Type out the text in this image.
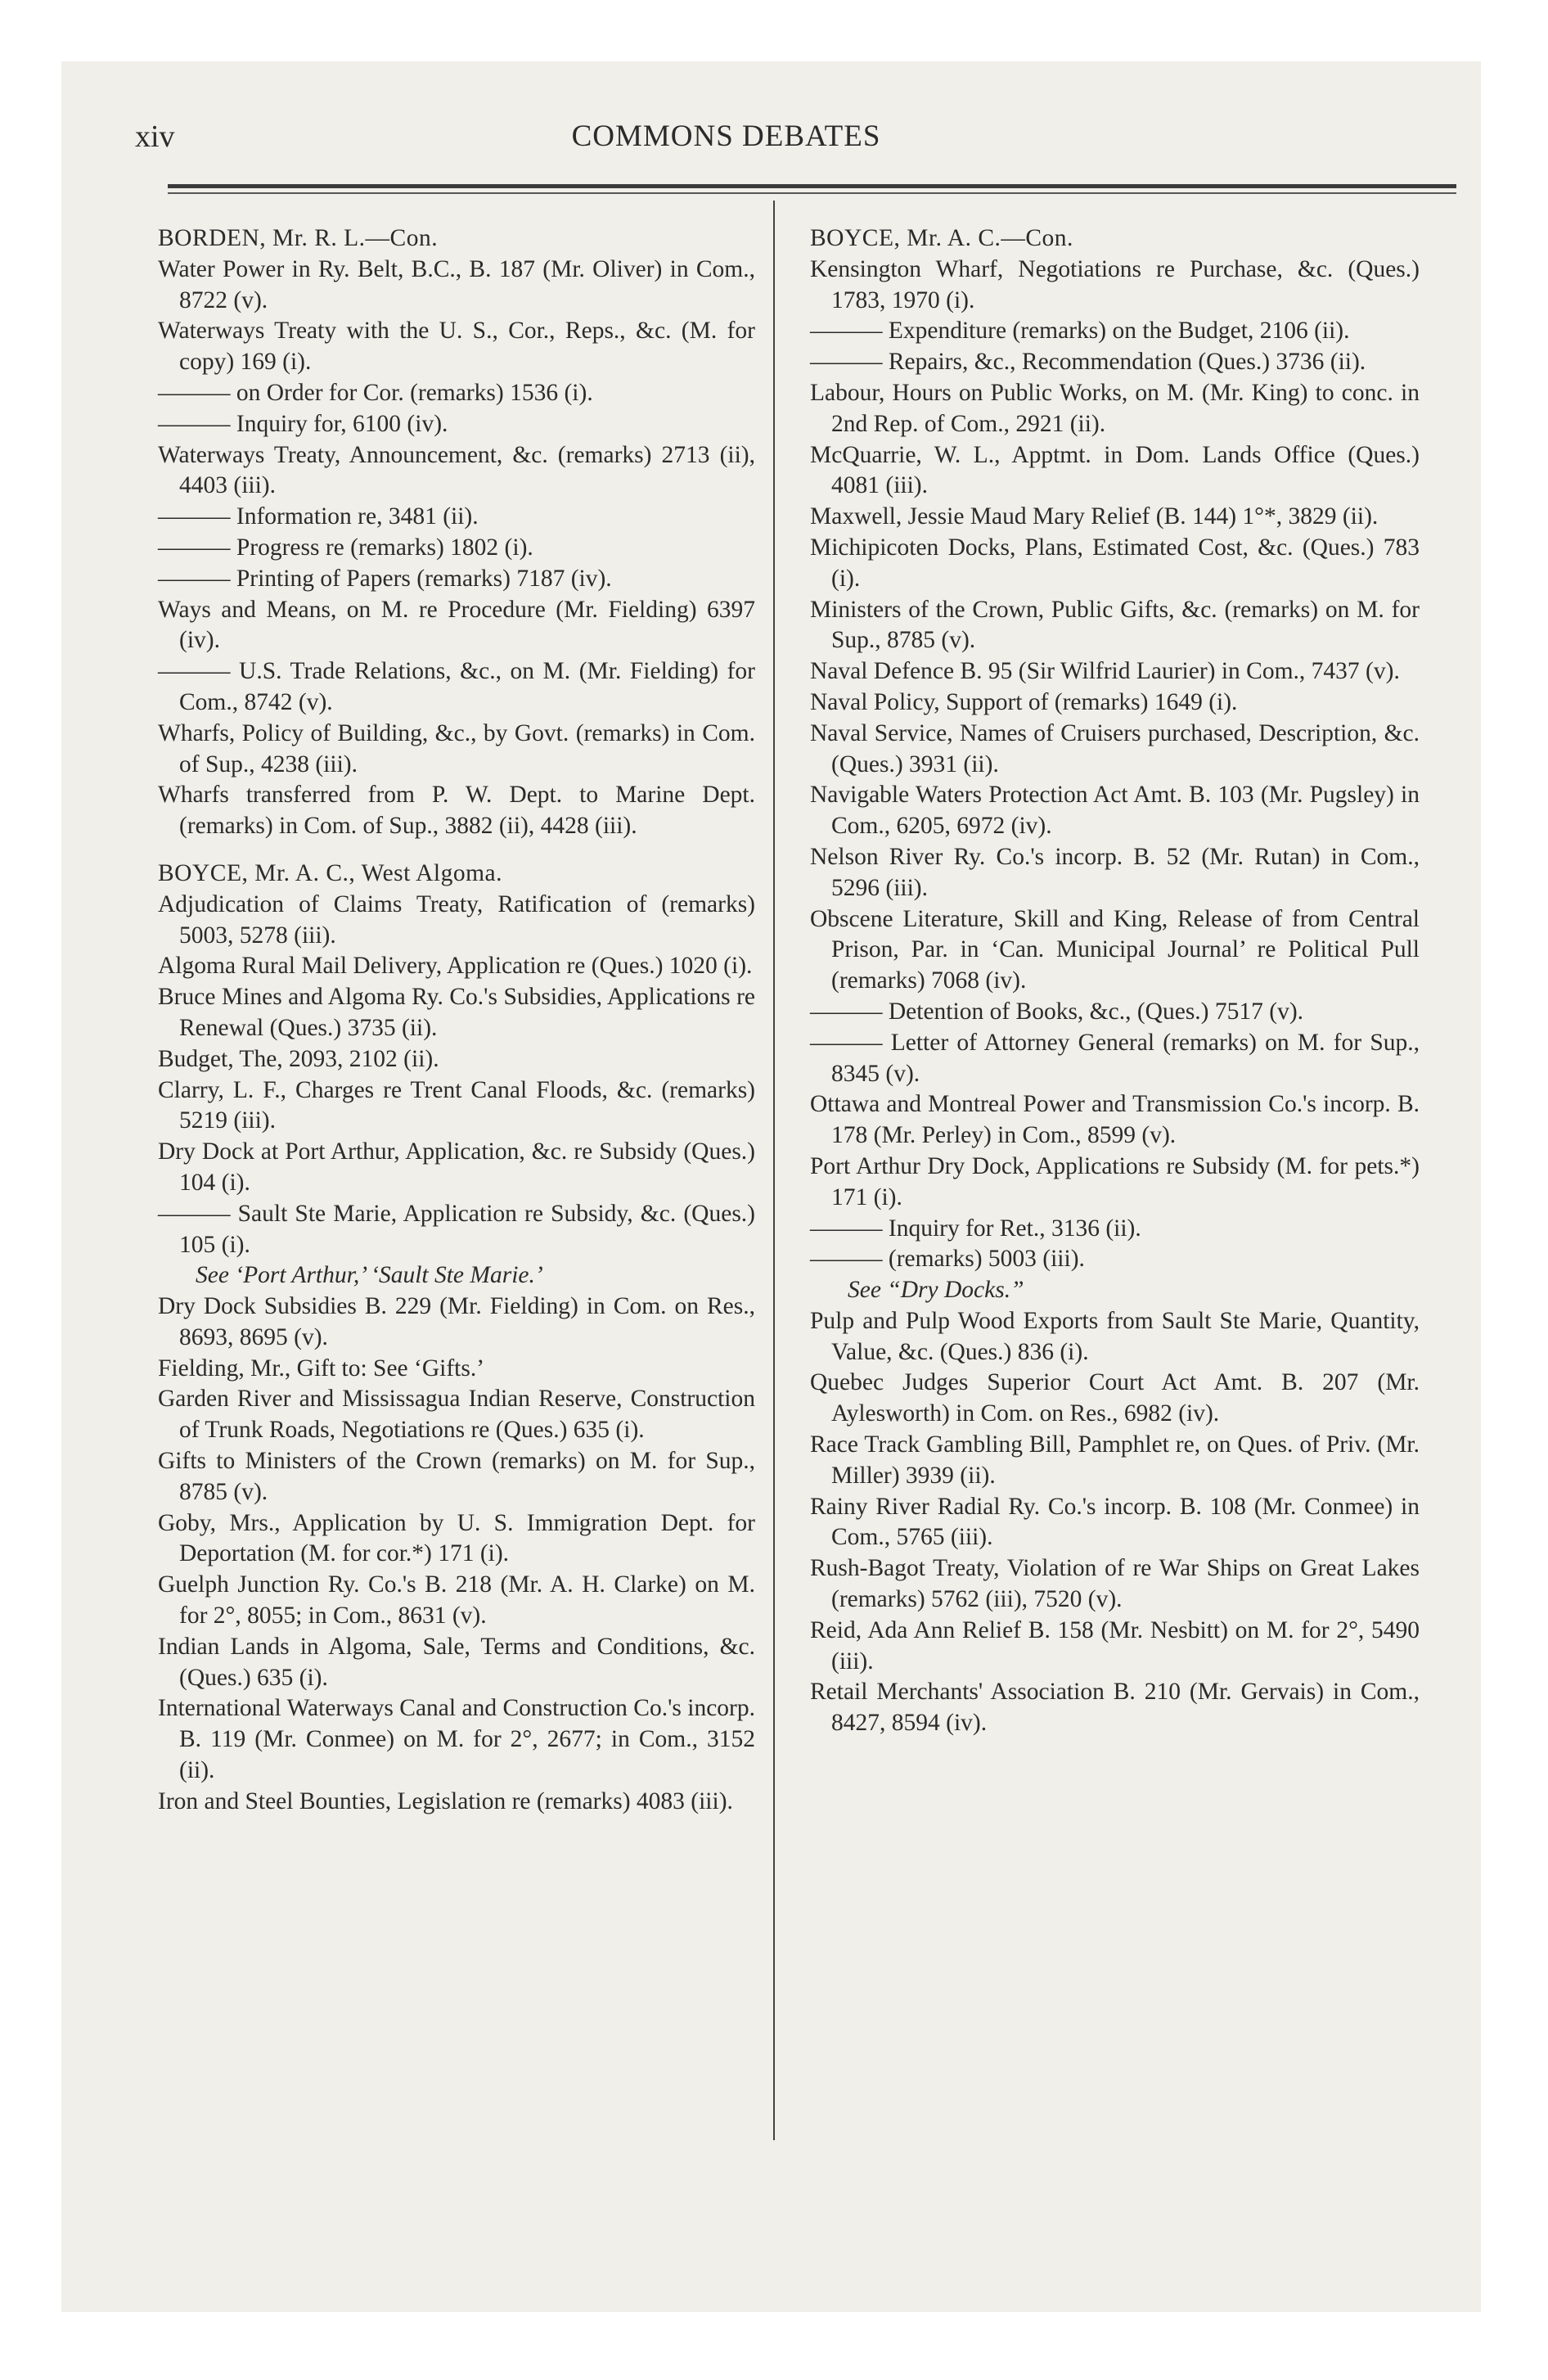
xiv	COMMONS DEBATES
BORDEN, Mr. R. L.—Con.
Water Power in Ry. Belt, B.C., B. 187 (Mr. Oliver) in Com., 8722 (v).
Waterways Treaty with the U. S., Cor., Reps., &c. (M. for copy) 169 (i).
——— on Order for Cor. (remarks) 1536 (i).
——— Inquiry for, 6100 (iv).
Waterways Treaty, Announcement, &c. (remarks) 2713 (ii), 4403 (iii).
——— Information re, 3481 (ii).
——— Progress re (remarks) 1802 (i).
——— Printing of Papers (remarks) 7187 (iv).
Ways and Means, on M. re Procedure (Mr. Fielding) 6397 (iv).
——— U.S. Trade Relations, &c., on M. (Mr. Fielding) for Com., 8742 (v).
Wharfs, Policy of Building, &c., by Govt. (remarks) in Com. of Sup., 4238 (iii).
Wharfs transferred from P. W. Dept. to Marine Dept. (remarks) in Com. of Sup., 3882 (ii), 4428 (iii).
BOYCE, Mr. A. C., West Algoma.
Adjudication of Claims Treaty, Ratification of (remarks) 5003, 5278 (iii).
Algoma Rural Mail Delivery, Application re (Ques.) 1020 (i).
Bruce Mines and Algoma Ry. Co.'s Subsidies, Applications re Renewal (Ques.) 3735 (ii).
Budget, The, 2093, 2102 (ii).
Clarry, L. F., Charges re Trent Canal Floods, &c. (remarks) 5219 (iii).
Dry Dock at Port Arthur, Application, &c. re Subsidy (Ques.) 104 (i).
——— Sault Ste Marie, Application re Subsidy, &c. (Ques.) 105 (i).
See ‘Port Arthur,’ ‘Sault Ste Marie.’
Dry Dock Subsidies B. 229 (Mr. Fielding) in Com. on Res., 8693, 8695 (v).
Fielding, Mr., Gift to: See ‘Gifts.’
Garden River and Mississagua Indian Reserve, Construction of Trunk Roads, Negotiations re (Ques.) 635 (i).
Gifts to Ministers of the Crown (remarks) on M. for Sup., 8785 (v).
Goby, Mrs., Application by U. S. Immigration Dept. for Deportation (M. for cor.*) 171 (i).
Guelph Junction Ry. Co.'s B. 218 (Mr. A. H. Clarke) on M. for 2°, 8055; in Com., 8631 (v).
Indian Lands in Algoma, Sale, Terms and Conditions, &c. (Ques.) 635 (i).
International Waterways Canal and Construction Co.'s incorp. B. 119 (Mr. Conmee) on M. for 2°, 2677; in Com., 3152 (ii).
Iron and Steel Bounties, Legislation re (remarks) 4083 (iii).
BOYCE, Mr. A. C.—Con.
Kensington Wharf, Negotiations re Purchase, &c. (Ques.) 1783, 1970 (i).
——— Expenditure (remarks) on the Budget, 2106 (ii).
——— Repairs, &c., Recommendation (Ques.) 3736 (ii).
Labour, Hours on Public Works, on M. (Mr. King) to conc. in 2nd Rep. of Com., 2921 (ii).
McQuarrie, W. L., Apptmt. in Dom. Lands Office (Ques.) 4081 (iii).
Maxwell, Jessie Maud Mary Relief (B. 144) 1°*, 3829 (ii).
Michipicoten Docks, Plans, Estimated Cost, &c. (Ques.) 783 (i).
Ministers of the Crown, Public Gifts, &c. (remarks) on M. for Sup., 8785 (v).
Naval Defence B. 95 (Sir Wilfrid Laurier) in Com., 7437 (v).
Naval Policy, Support of (remarks) 1649 (i).
Naval Service, Names of Cruisers purchased, Description, &c. (Ques.) 3931 (ii).
Navigable Waters Protection Act Amt. B. 103 (Mr. Pugsley) in Com., 6205, 6972 (iv).
Nelson River Ry. Co.'s incorp. B. 52 (Mr. Rutan) in Com., 5296 (iii).
Obscene Literature, Skill and King, Release of from Central Prison, Par. in ‘Can. Municipal Journal’ re Political Pull (remarks) 7068 (iv).
——— Detention of Books, &c., (Ques.) 7517 (v).
——— Letter of Attorney General (remarks) on M. for Sup., 8345 (v).
Ottawa and Montreal Power and Transmission Co.'s incorp. B. 178 (Mr. Perley) in Com., 8599 (v).
Port Arthur Dry Dock, Applications re Subsidy (M. for pets.*) 171 (i).
——— Inquiry for Ret., 3136 (ii).
——— (remarks) 5003 (iii).
See “Dry Docks.”
Pulp and Pulp Wood Exports from Sault Ste Marie, Quantity, Value, &c. (Ques.) 836 (i).
Quebec Judges Superior Court Act Amt. B. 207 (Mr. Aylesworth) in Com. on Res., 6982 (iv).
Race Track Gambling Bill, Pamphlet re, on Ques. of Priv. (Mr. Miller) 3939 (ii).
Rainy River Radial Ry. Co.'s incorp. B. 108 (Mr. Conmee) in Com., 5765 (iii).
Rush-Bagot Treaty, Violation of re War Ships on Great Lakes (remarks) 5762 (iii), 7520 (v).
Reid, Ada Ann Relief B. 158 (Mr. Nesbitt) on M. for 2°, 5490 (iii).
Retail Merchants' Association B. 210 (Mr. Gervais) in Com., 8427, 8594 (iv).
